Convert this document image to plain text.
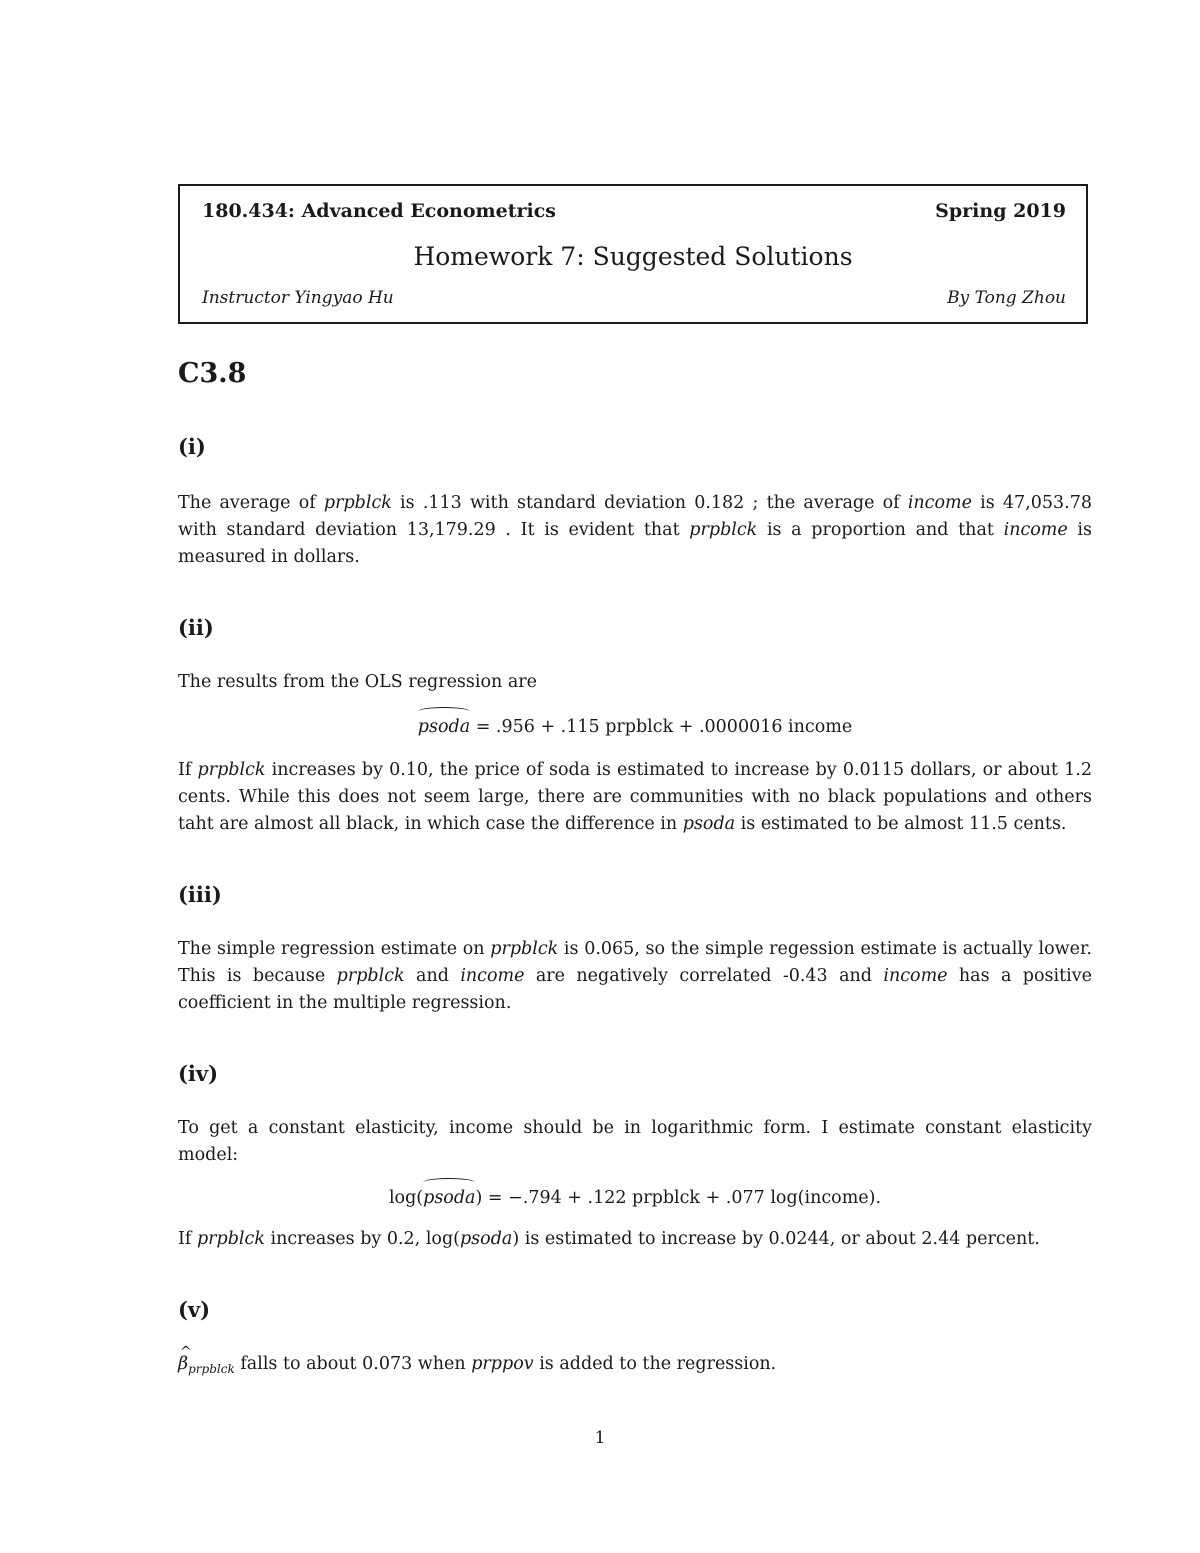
180.434: Advanced Econometrics	Spring 2019
Homework 7: Suggested Solutions
Instructor Yingyao Hu	By Tong Zhou
C3.8
(i)

The average of prpblck is .113 with standard deviation 0.182 ; the average of income is 47,053.78 with standard deviation 13,179.29 . It is evident that prpblck is a proportion and that income is measured in dollars.

(ii)

The results from the OLS regression are

psoda = .956 + .115 prpblck + .0000016 income

If prpblck increases by 0.10, the price of soda is estimated to increase by 0.0115 dollars, or about 1.2 cents. While this does not seem large, there are communities with no black populations and others taht are almost all black, in which case the difference in psoda is estimated to be almost 11.5 cents.

(iii)

The simple regression estimate on prpblck is 0.065, so the simple regession estimate is actually lower. This is because prpblck and income are negatively correlated -0.43 and income has a positive coefficient in the multiple regression.

(iv)

To get a constant elasticity, income should be in logarithmic form. I estimate constant elasticity model:

log(psoda) = −.794 + .122 prpblck + .077 log(income).

If prpblck increases by 0.2, log(psoda) is estimated to increase by 0.0244, or about 2.44 percent.

(v)

^ $\beta_{prpblck}$ falls to about 0.073 when prppov is added to the regression.

1
